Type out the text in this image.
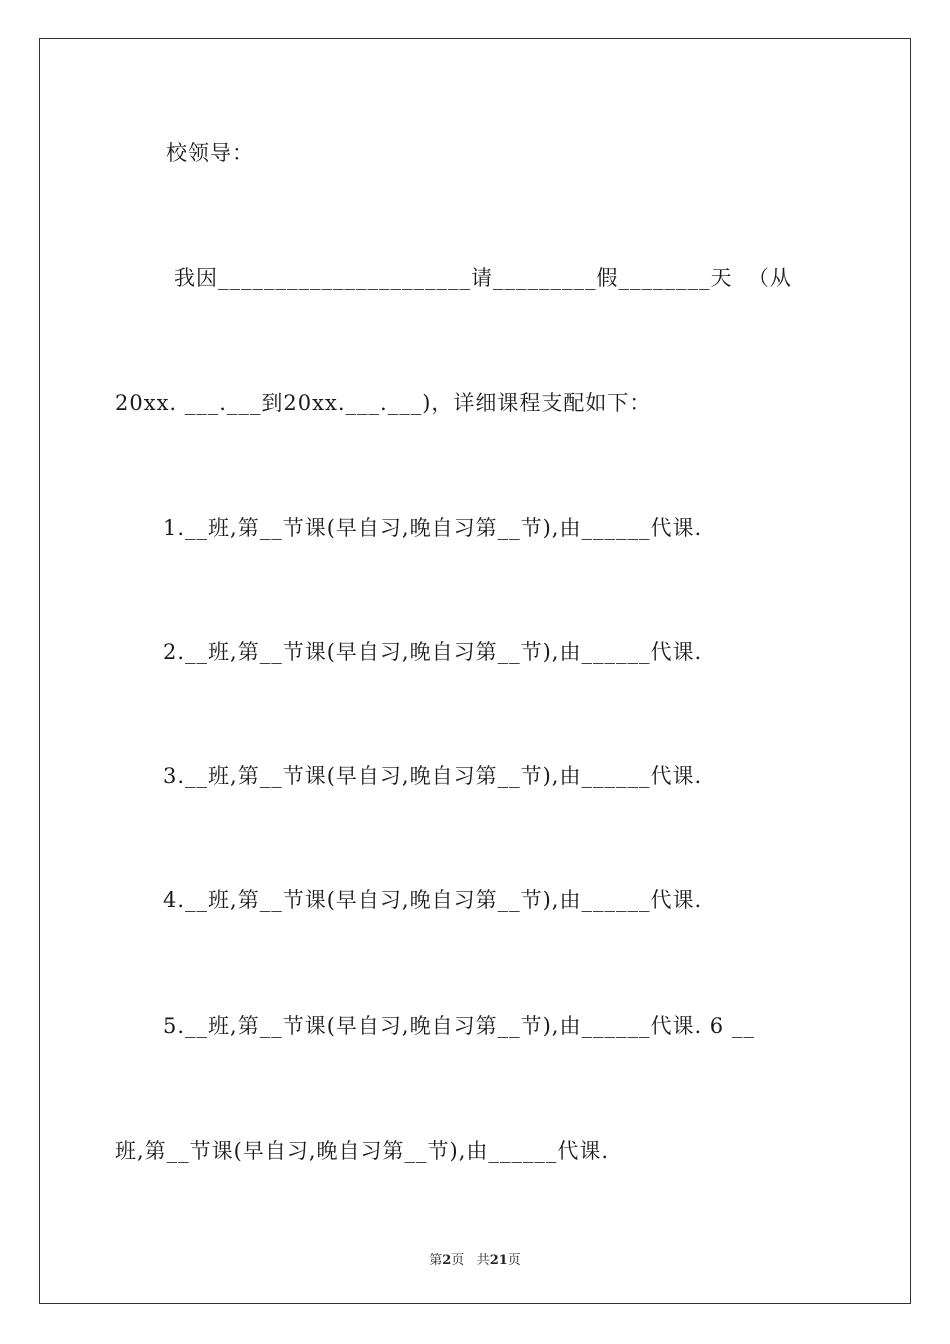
校领导：
我因______________________请_________假________天  （从
20xx. ___.___到20xx.___.___)，详细课程支配如下：
1.__班,第__节课(早自习,晚自习第__节),由______代课.
2.__班,第__节课(早自习,晚自习第__节),由______代课.
3.__班,第__节课(早自习,晚自习第__节),由______代课.
4.__班,第__节课(早自习,晚自习第__节),由______代课.
5.__班,第__节课(早自习,晚自习第__节),由______代课. 6 __
班,第__节课(早自习,晚自习第__节),由______代课.
第2页 共21页
